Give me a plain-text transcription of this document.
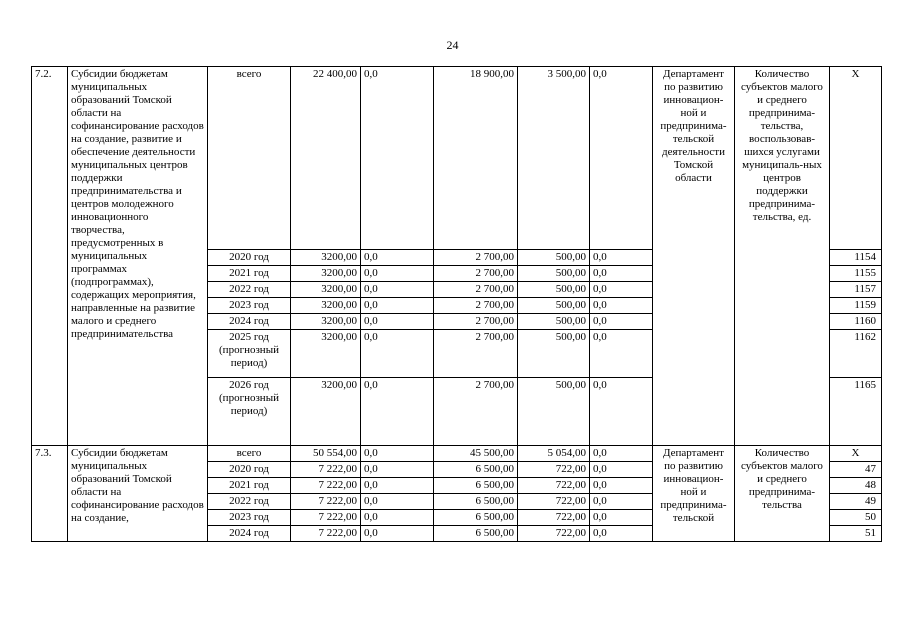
24
7.2.	Субсидии бюджетам муниципальных образований Томской области на софинансирование расходов на создание, развитие и обеспечение деятельности муниципальных центров поддержки предпринимательства и центров молодежного инновационного творчества, предусмотренных в муниципальных программах (подпрограммах), содержащих мероприятия, направленные на развитие малого и среднего предпринимательства	всего	22 400,00	0,0	18 900,00	3 500,00	0,0	Департамент по развитию инновацион-ной и предпринима-тельской деятельности Томской области	Количество субъектов малого и среднего предпринима-тельства, воспользовав-шихся услугами муниципаль-ных центров поддержки предпринима-тельства, ед.	Х
		2020 год	3200,00	0,0	2 700,00	500,00	0,0			1154
		2021 год	3200,00	0,0	2 700,00	500,00	0,0			1155
		2022 год	3200,00	0,0	2 700,00	500,00	0,0			1157
		2023 год	3200,00	0,0	2 700,00	500,00	0,0			1159
		2024 год	3200,00	0,0	2 700,00	500,00	0,0			1160
		2025 год (прогнозный период)	3200,00	0,0	2 700,00	500,00	0,0			1162
		2026 год (прогнозный период)	3200,00	0,0	2 700,00	500,00	0,0			1165
7.3.	Субсидии бюджетам муниципальных образований Томской области на софинансирование расходов на создание,	всего	50 554,00	0,0	45 500,00	5 054,00	0,0	Департамент по развитию инновацион-ной и предпринима-тельской	Количество субъектов малого и среднего предпринима-тельства	Х
		2020 год	7 222,00	0,0	6 500,00	722,00	0,0			47
		2021 год	7 222,00	0,0	6 500,00	722,00	0,0			48
		2022 год	7 222,00	0,0	6 500,00	722,00	0,0			49
		2023 год	7 222,00	0,0	6 500,00	722,00	0,0			50
		2024 год	7 222,00	0,0	6 500,00	722,00	0,0			51
